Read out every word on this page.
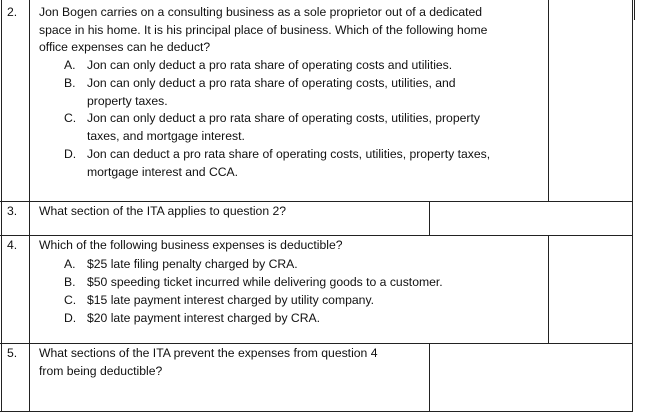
2. Jon Bogen carries on a consulting business as a sole proprietor out of a dedicated
space in his home. It is his principal place of business. Which of the following home
office expenses can he deduct?
A. Jon can only deduct a pro rata share of operating costs and utilities.
B. Jon can only deduct a pro rata share of operating costs, utilities, and
property taxes.
C. Jon can only deduct a pro rata share of operating costs, utilities, property
taxes, and mortgage interest.
D. Jon can deduct a pro rata share of operating costs, utilities, property taxes,
mortgage interest and CCA.
3. What section of the ITA applies to question 2?
4. Which of the following business expenses is deductible?
A. $25 late filing penalty charged by CRA.
B. $50 speeding ticket incurred while delivering goods to a customer.
C. $15 late payment interest charged by utility company.
D. $20 late payment interest charged by CRA.
5. What sections of the ITA prevent the expenses from question 4
from being deductible?
